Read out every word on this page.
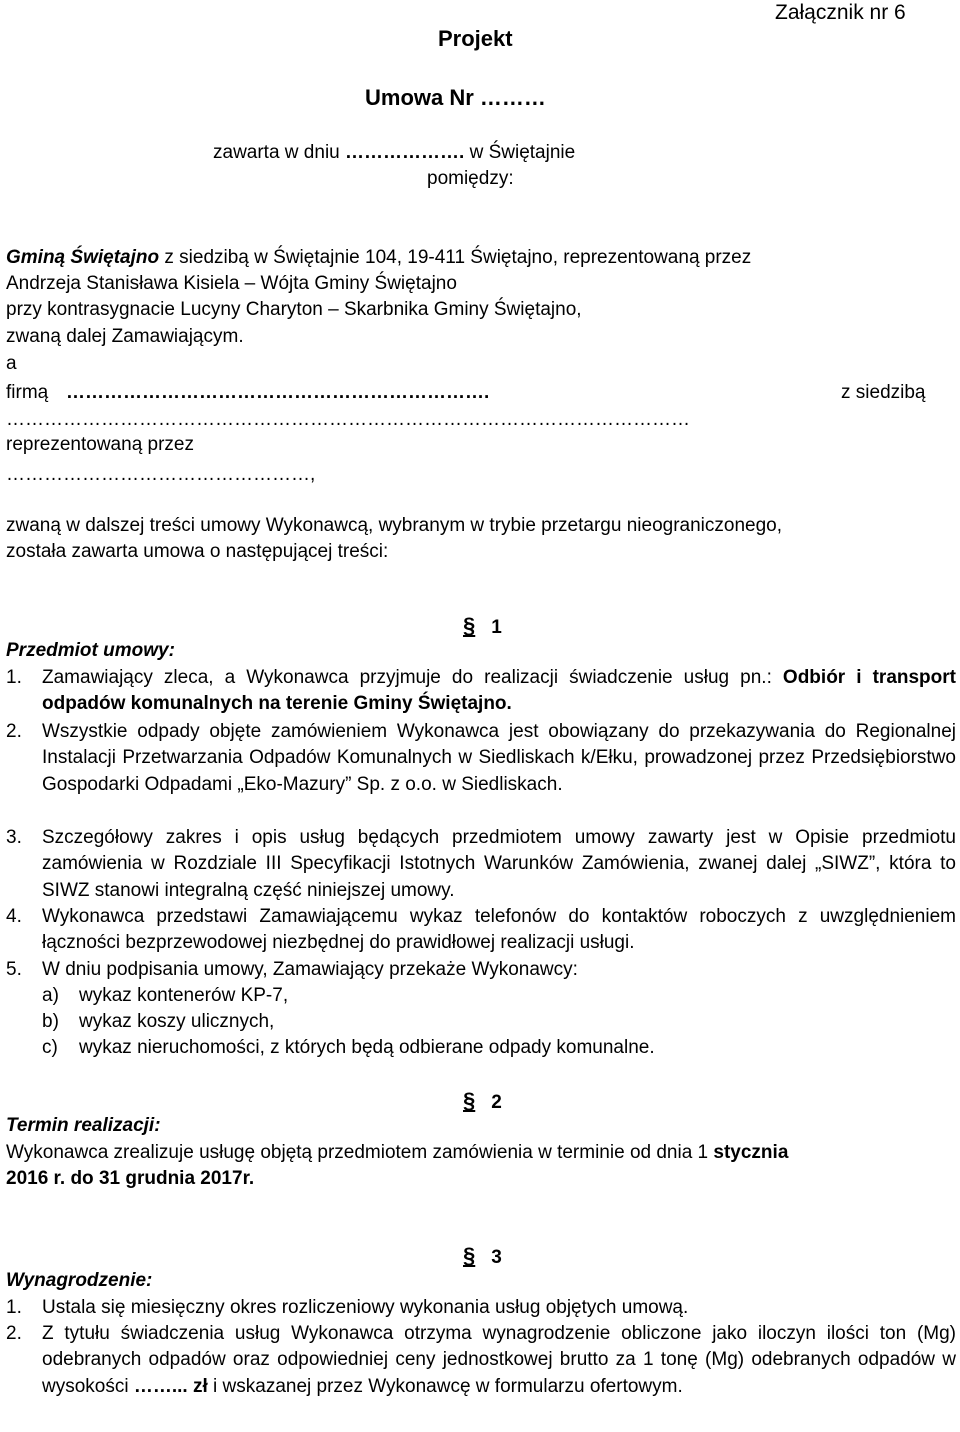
Załącznik nr 6
Projekt
Umowa Nr ………
zawarta w dniu ………………. w Świętajnie
pomiędzy:
Gminą Świętajno z siedzibą w Świętajnie 104, 19-411 Świętajno, reprezentowaną przez
Andrzeja Stanisława Kisiela – Wójta Gminy Świętajno
przy kontrasygnacie Lucyny Charyton – Skarbnika Gminy Świętajno,
zwaną dalej Zamawiającym.
a
firmą ………………………………………………………….	z siedzibą
………………………………………………………………………………………………
reprezentowaną przez
…………………………………………,
zwaną w dalszej treści umowy Wykonawcą, wybranym w trybie przetargu nieograniczonego,
została zawarta umowa o następującej treści:
§ 1
Przedmiot umowy:
1. Zamawiający zleca, a Wykonawca przyjmuje do realizacji świadczenie usług pn.: Odbiór i transport odpadów komunalnych na terenie Gminy Świętajno.
2. Wszystkie odpady objęte zamówieniem Wykonawca jest obowiązany do przekazywania do Regionalnej Instalacji Przetwarzania Odpadów Komunalnych w Siedliskach k/Ełku, prowadzonej przez Przedsiębiorstwo Gospodarki Odpadami „Eko-Mazury” Sp. z o.o. w Siedliskach.
3. Szczegółowy zakres i opis usług będących przedmiotem umowy zawarty jest w Opisie przedmiotu zamówienia w Rozdziale III Specyfikacji Istotnych Warunków Zamówienia, zwanej dalej „SIWZ”, która to SIWZ stanowi integralną część niniejszej umowy.
4. Wykonawca przedstawi Zamawiającemu wykaz telefonów do kontaktów roboczych z uwzględnieniem łączności bezprzewodowej niezbędnej do prawidłowej realizacji usługi.
5. W dniu podpisania umowy, Zamawiający przekaże Wykonawcy:
a) wykaz kontenerów KP-7,
b) wykaz koszy ulicznych,
c) wykaz nieruchomości, z których będą odbierane odpady komunalne.
§ 2
Termin realizacji:
Wykonawca zrealizuje usługę objętą przedmiotem zamówienia w terminie od dnia 1 stycznia
2016 r. do 31 grudnia 2017r.
§ 3
Wynagrodzenie:
1. Ustala się miesięczny okres rozliczeniowy wykonania usług objętych umową.
2. Z tytułu świadczenia usług Wykonawca otrzyma wynagrodzenie obliczone jako iloczyn ilości ton (Mg) odebranych odpadów oraz odpowiedniej ceny jednostkowej brutto za 1 tonę (Mg) odebranych odpadów w wysokości ……... zł i wskazanej przez Wykonawcę w formularzu ofertowym.
